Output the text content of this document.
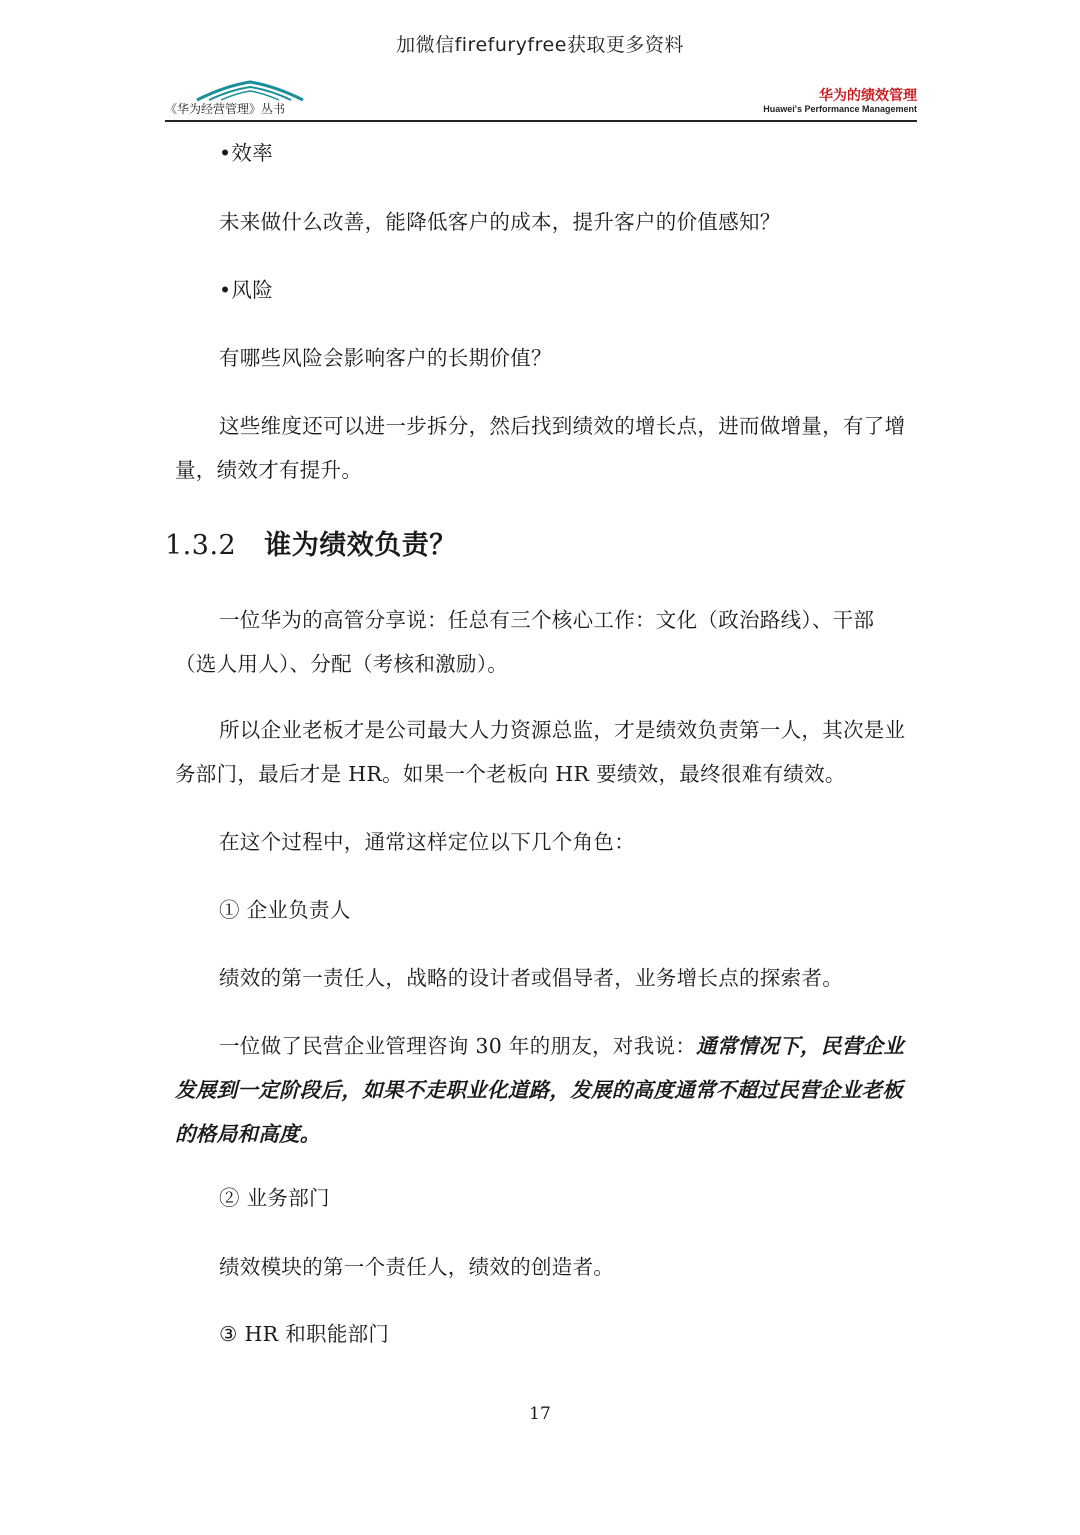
加微信firefuryfree获取更多资料
《华为经营管理》丛书
华为的绩效管理
Huawei's Performance Management
•效率
未来做什么改善，能降低客户的成本，提升客户的价值感知？
•风险
有哪些风险会影响客户的长期价值？
这些维度还可以进一步拆分，然后找到绩效的增长点，进而做增量，有了增量，绩效才有提升。
1.3.2 谁为绩效负责？
一位华为的高管分享说：任总有三个核心工作：文化（政治路线）、干部（选人用人）、分配（考核和激励）。
所以企业老板才是公司最大人力资源总监，才是绩效负责第一人，其次是业务部门，最后才是 HR。如果一个老板向 HR 要绩效，最终很难有绩效。
在这个过程中，通常这样定位以下几个角色：
① 企业负责人
绩效的第一责任人，战略的设计者或倡导者，业务增长点的探索者。
一位做了民营企业管理咨询 30 年的朋友，对我说：通常情况下，民营企业发展到一定阶段后，如果不走职业化道路，发展的高度通常不超过民营企业老板的格局和高度。
② 业务部门
绩效模块的第一个责任人，绩效的创造者。
③ HR 和职能部门
17
